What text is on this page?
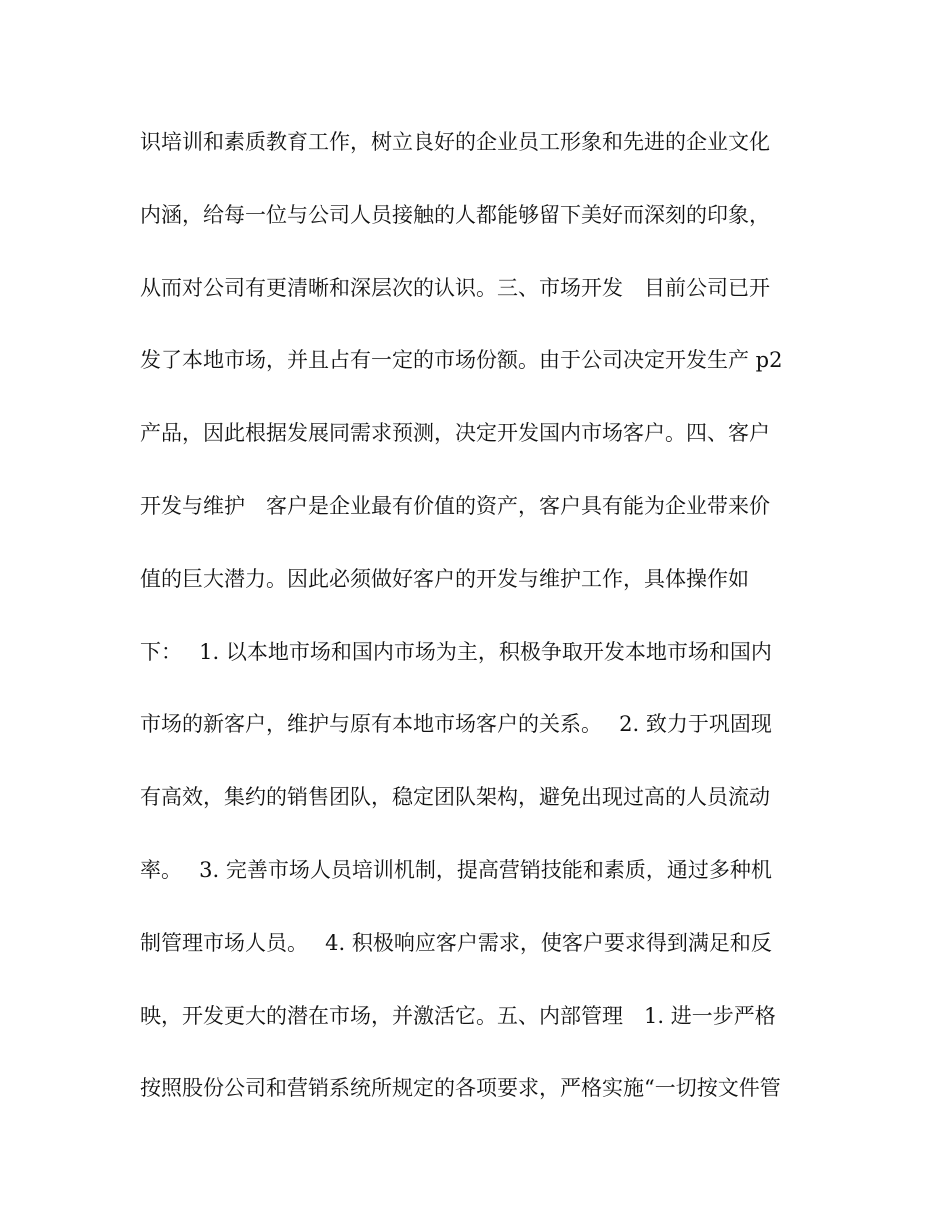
识培训和素质教育工作，树立良好的企业员工形象和先进的企业文化
内涵，给每一位与公司人员接触的人都能够留下美好而深刻的印象，
从而对公司有更清晰和深层次的认识。三、市场开发　目前公司已开
发了本地市场，并且占有一定的市场份额。由于公司决定开发生产 p2
产品，因此根据发展同需求预测，决定开发国内市场客户。四、客户
开发与维护　客户是企业最有价值的资产，客户具有能为企业带来价
值的巨大潜力。因此必须做好客户的开发与维护工作，具体操作如
下：　 1. 以本地市场和国内市场为主，积极争取开发本地市场和国内
市场的新客户，维护与原有本地市场客户的关系。　 2. 致力于巩固现
有高效，集约的销售团队，稳定团队架构，避免出现过高的人员流动
率。　 3. 完善市场人员培训机制，提高营销技能和素质，通过多种机
制管理市场人员。　 4. 积极响应客户需求，使客户要求得到满足和反
映，开发更大的潜在市场，并激活它。五、内部管理　1. 进一步严格
按照股份公司和营销系统所规定的各项要求，严格实施“一切按文件管
